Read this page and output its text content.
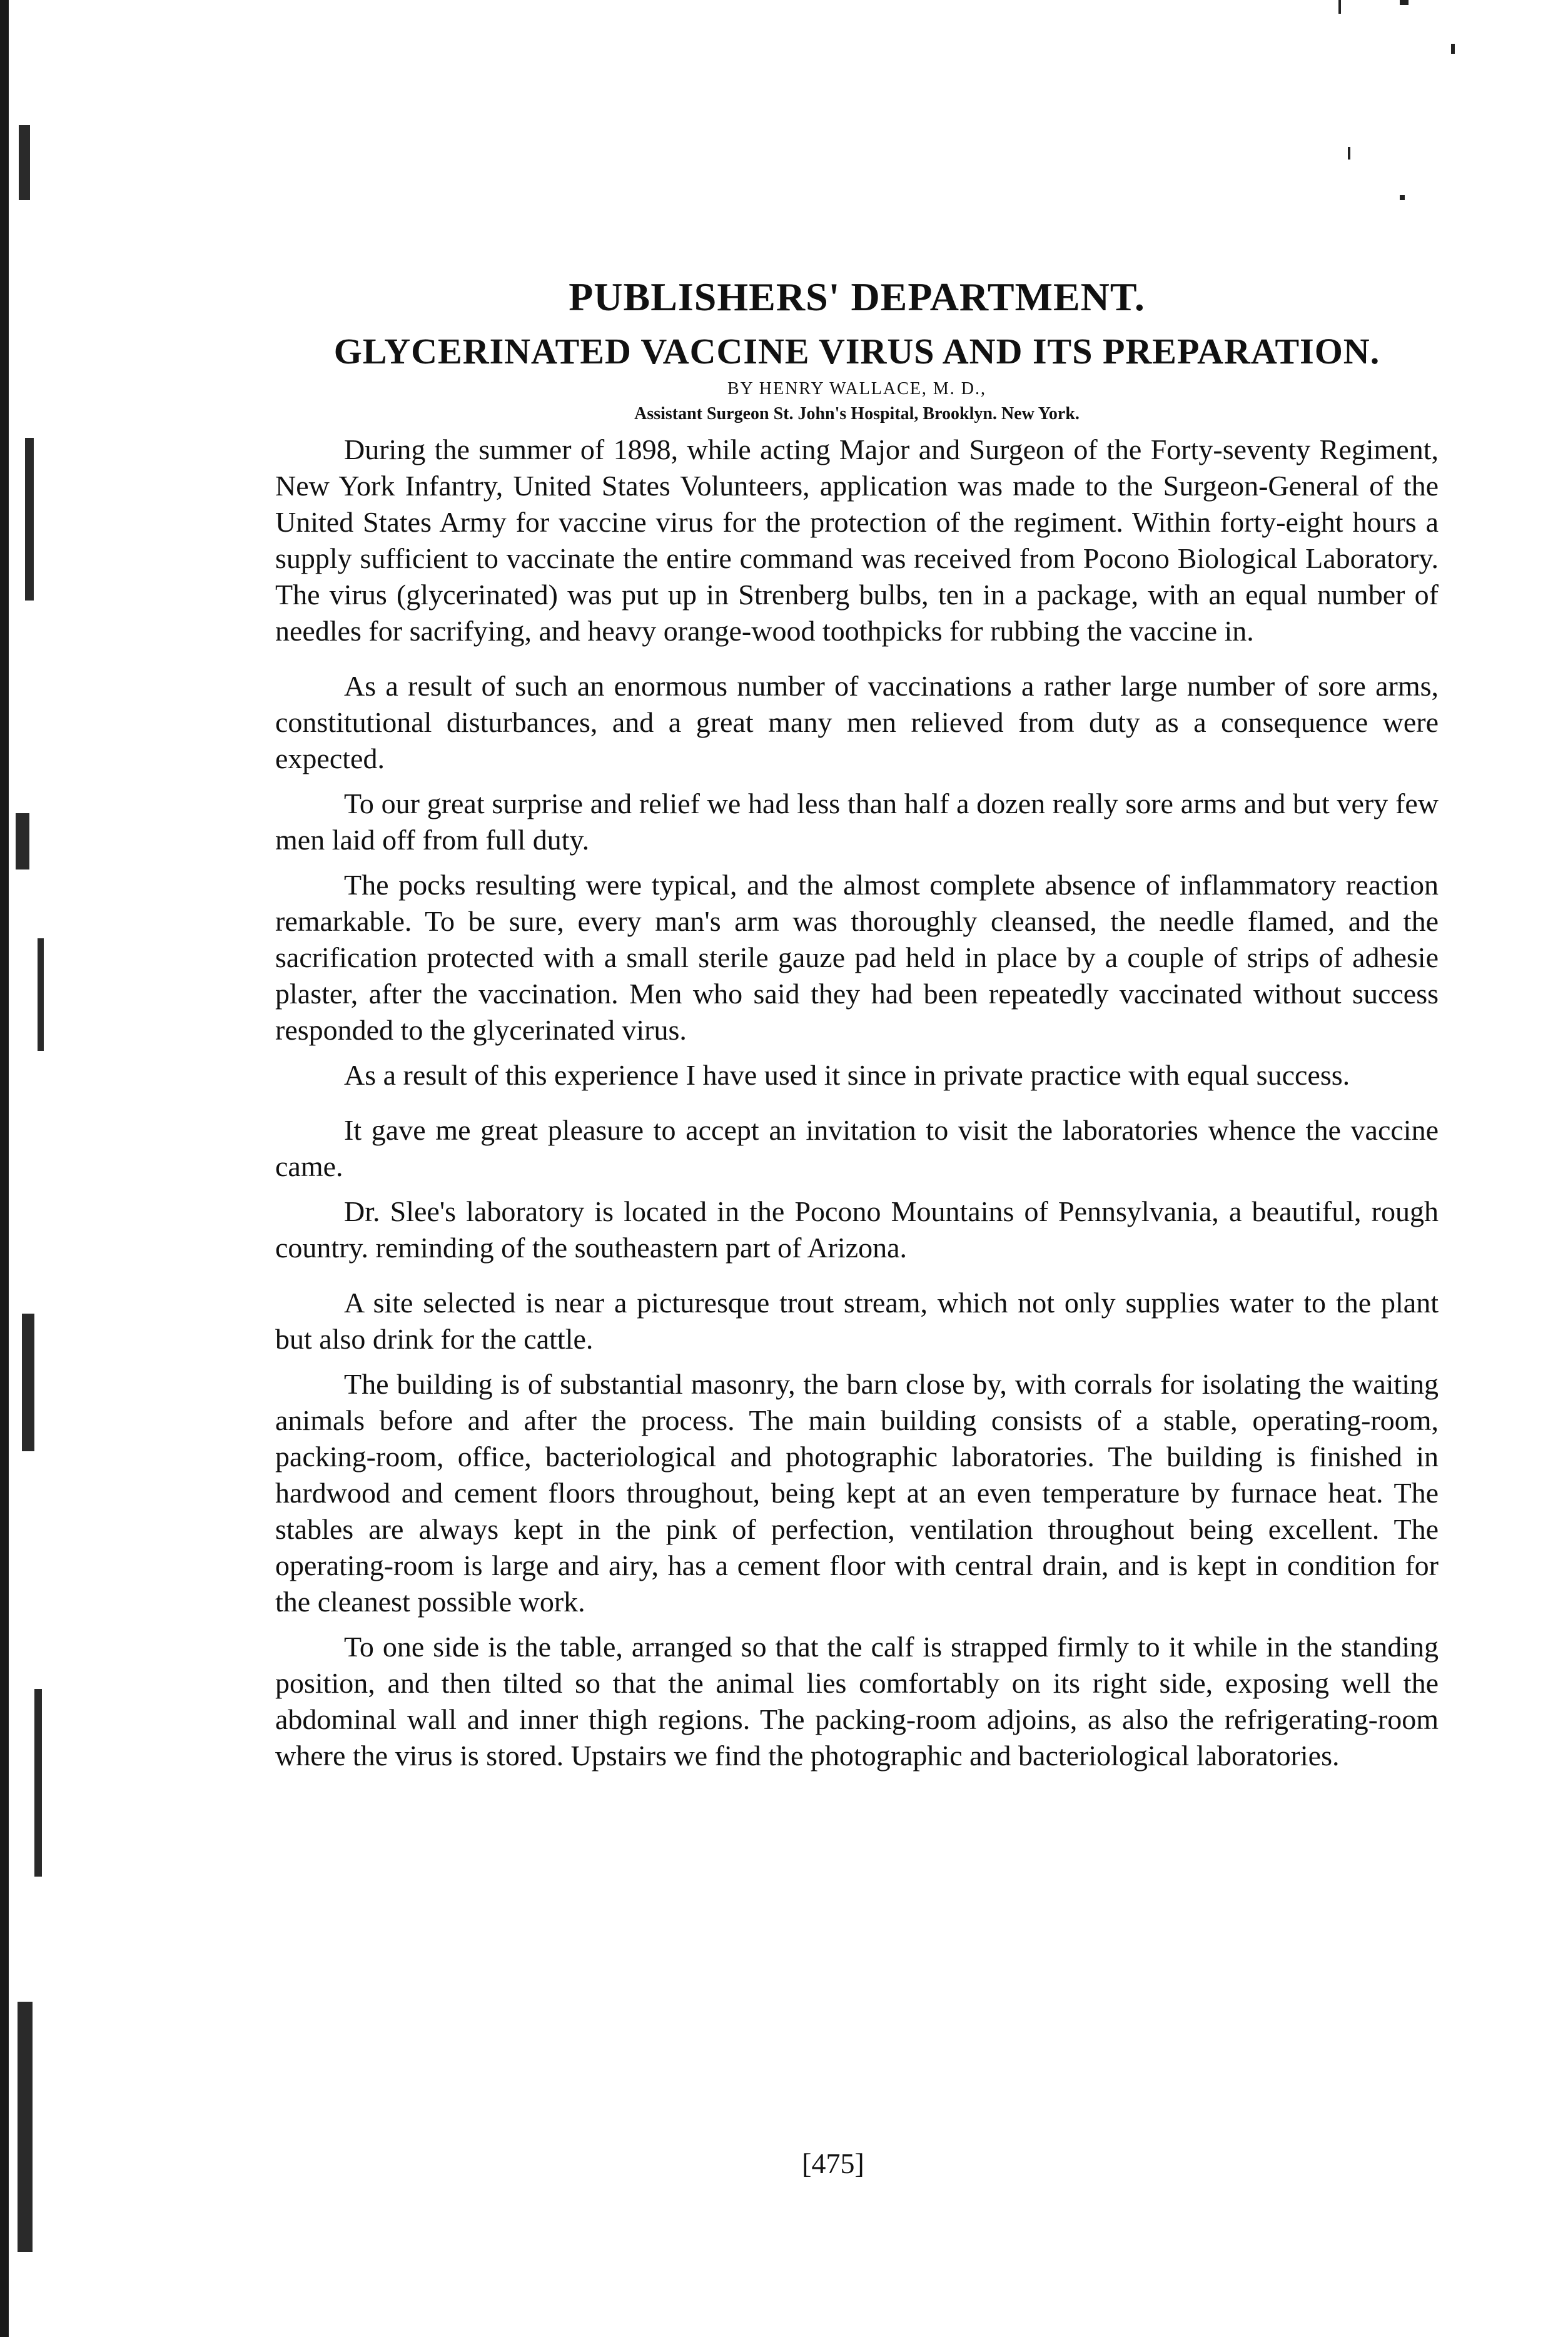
PUBLISHERS' DEPARTMENT.
GLYCERINATED VACCINE VIRUS AND ITS PREPARATION.
BY HENRY WALLACE, M. D.,
Assistant Surgeon St. John's Hospital, Brooklyn. New York.

During the summer of 1898, while acting Major and Surgeon of the Forty-seventy Regiment, New York Infantry, United States Volunteers, application was made to the Surgeon-General of the United States Army for vaccine virus for the protection of the regiment. Within forty-eight hours a supply sufficient to vaccinate the entire command was received from Pocono Biological Laboratory. The virus (glycerinated) was put up in Strenberg bulbs, ten in a package, with an equal number of needles for sacrifying, and heavy orange-wood toothpicks for rubbing the vaccine in.

As a result of such an enormous number of vaccinations a rather large number of sore arms, constitutional disturbances, and a great many men relieved from duty as a consequence were expected.

To our great surprise and relief we had less than half a dozen really sore arms and but very few men laid off from full duty.

The pocks resulting were typical, and the almost complete absence of inflammatory reaction remarkable. To be sure, every man's arm was thoroughly cleansed, the needle flamed, and the sacrification protected with a small sterile gauze pad held in place by a couple of strips of adhesie plaster, after the vaccination. Men who said they had been repeatedly vaccinated without success responded to the glycerinated virus.

As a result of this experience I have used it since in private practice with equal success.

It gave me great pleasure to accept an invitation to visit the laboratories whence the vaccine came.

Dr. Slee's laboratory is located in the Pocono Mountains of Pennsylvania, a beautiful, rough country. reminding of the southeastern part of Arizona.

A site selected is near a picturesque trout stream, which not only supplies water to the plant but also drink for the cattle.

The building is of substantial masonry, the barn close by, with corrals for isolating the waiting animals before and after the process. The main building consists of a stable, operating-room, packing-room, office, bacteriological and photographic laboratories. The building is finished in hardwood and cement floors throughout, being kept at an even temperature by furnace heat. The stables are always kept in the pink of perfection, ventilation throughout being excellent. The operating-room is large and airy, has a cement floor with central drain, and is kept in condition for the cleanest possible work.

To one side is the table, arranged so that the calf is strapped firmly to it while in the standing position, and then tilted so that the animal lies comfortably on its right side, exposing well the abdominal wall and inner thigh regions. The packing-room adjoins, as also the refrigerating-room where the virus is stored. Upstairs we find the photographic and bacteriological laboratories.

[475]
